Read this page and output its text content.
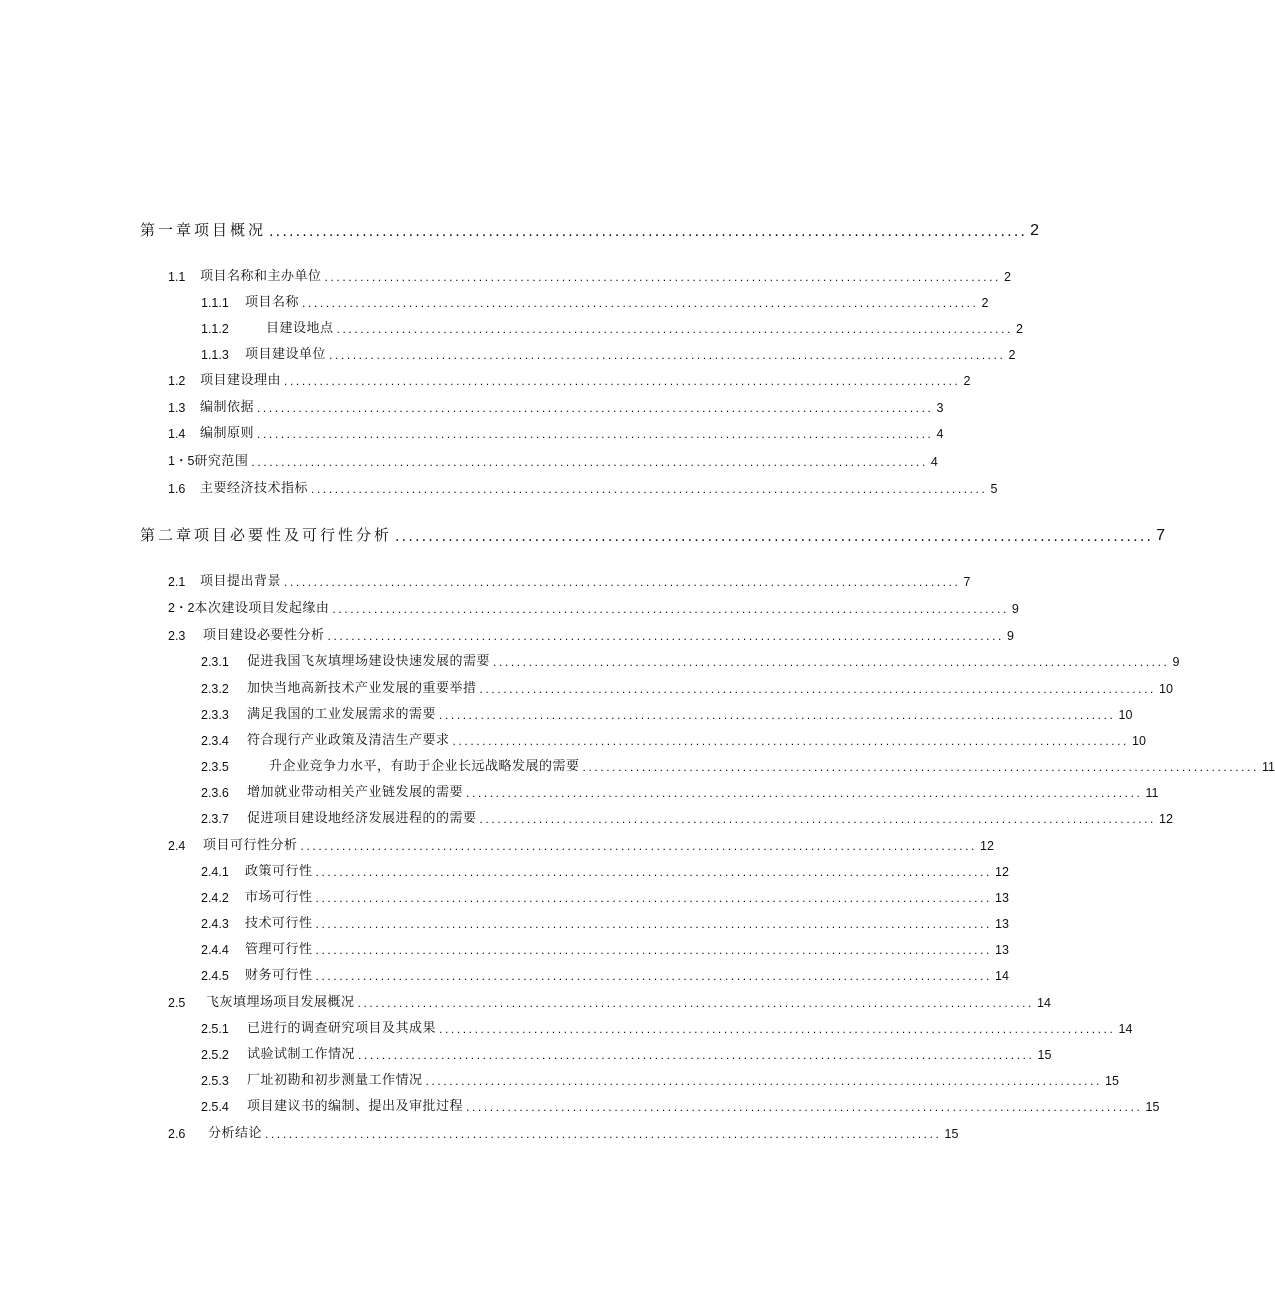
第一章项目概况 .................................................................................................................. 2
1.1	项目名称和主办单位 .................................................................................................................. 2
1.1.1	项目名称 .................................................................................................................. 2
1.1.2	目建设地点 .................................................................................................................. 2
1.1.3	项目建设单位 .................................................................................................................. 2
1.2	项目建设理由 .................................................................................................................. 2
1.3	编制依据 .................................................................................................................. 3
1.4	编制原则 .................................................................................................................. 4
1・5 研究范围 .................................................................................................................. 4
1.6	主要经济技术指标 .................................................................................................................. 5
第二章项目必要性及可行性分析 .................................................................................................................. 7
2.1	项目提出背景 .................................................................................................................. 7
2・2 本次建设项目发起缘由 .................................................................................................................. 9
2.3	项目建设必要性分析 .................................................................................................................. 9
2.3.1	促进我国飞灰填埋场建设快速发展的需要 .................................................................................................................. 9
2.3.2	加快当地高新技术产业发展的重要举措 .................................................................................................................. 10
2.3.3	满足我国的工业发展需求的需要 .................................................................................................................. 10
2.3.4	符合现行产业政策及清洁生产要求 .................................................................................................................. 10
2.3.5	升企业竞争力水平，有助于企业长远战略发展的需要 .................................................................................................................. 11
2.3.6	增加就业带动相关产业链发展的需要 .................................................................................................................. 11
2.3.7	促进项目建设地经济发展进程的的需要 .................................................................................................................. 12
2.4	项目可行性分析 .................................................................................................................. 12
2.4.1	政策可行性 .................................................................................................................. 12
2.4.2	市场可行性 .................................................................................................................. 13
2.4.3	技术可行性 .................................................................................................................. 13
2.4.4	管理可行性 .................................................................................................................. 13
2.4.5	财务可行性 .................................................................................................................. 14
2.5	飞灰填埋场项目发展概况 .................................................................................................................. 14
2.5.1	已进行的调查研究项目及其成果 .................................................................................................................. 14
2.5.2	试验试制工作情况 .................................................................................................................. 15
2.5.3	厂址初勘和初步测量工作情况 .................................................................................................................. 15
2.5.4	项目建议书的编制、提出及审批过程 .................................................................................................................. 15
2.6	分析结论 .................................................................................................................. 15
